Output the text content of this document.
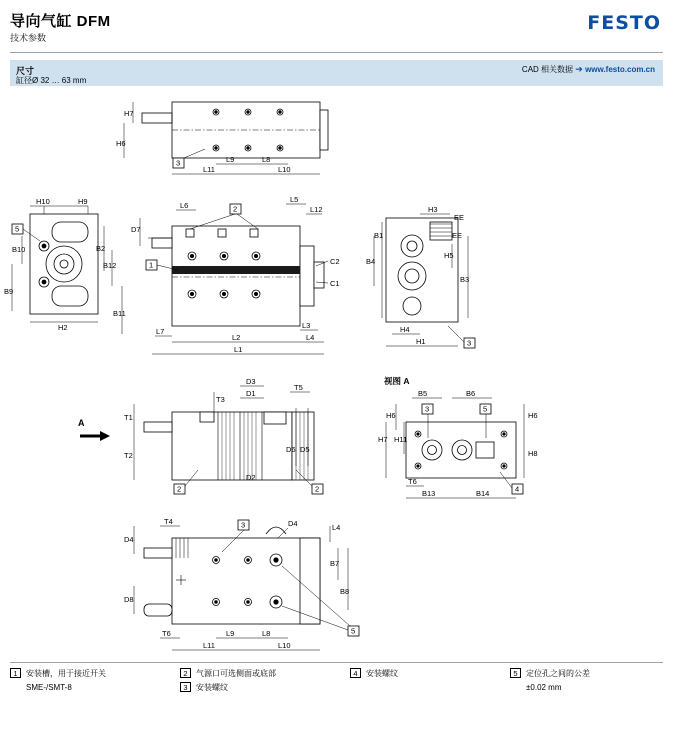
导向气缸 DFM
技术参数
FESTO
尺寸
缸径Ø 32 … 63 mm
CAD 相关数据 ➔ www.festo.com.cn
H7
H6
L9	L8
L11	L10
3
H10	H9
B10
B9
B2
H2
5
2
1	C2
C1
L6
L5
L12
D7
L7
L2
L3
L4
L1
B11
B12
H3
EE
EE
B4
B1
B3
H5
H4
H1	3
A
T3
D3
D1
T5
T1
T2
D6 D5
D2
2	2
视图 A
3	5
4
B5	B6
H6	H6
H11
H7
H8
T6
B13	B14
3	D4
5
T4
D4
D8
L4
B7
B8
T6	L9	L8
L11	L10
1	安装槽，用于接近开关
SME-/SMT-8
2	气源口可选侧面或底部
3	安装螺纹
4	安装螺纹	5	定位孔之间的公差
±0.02 mm
